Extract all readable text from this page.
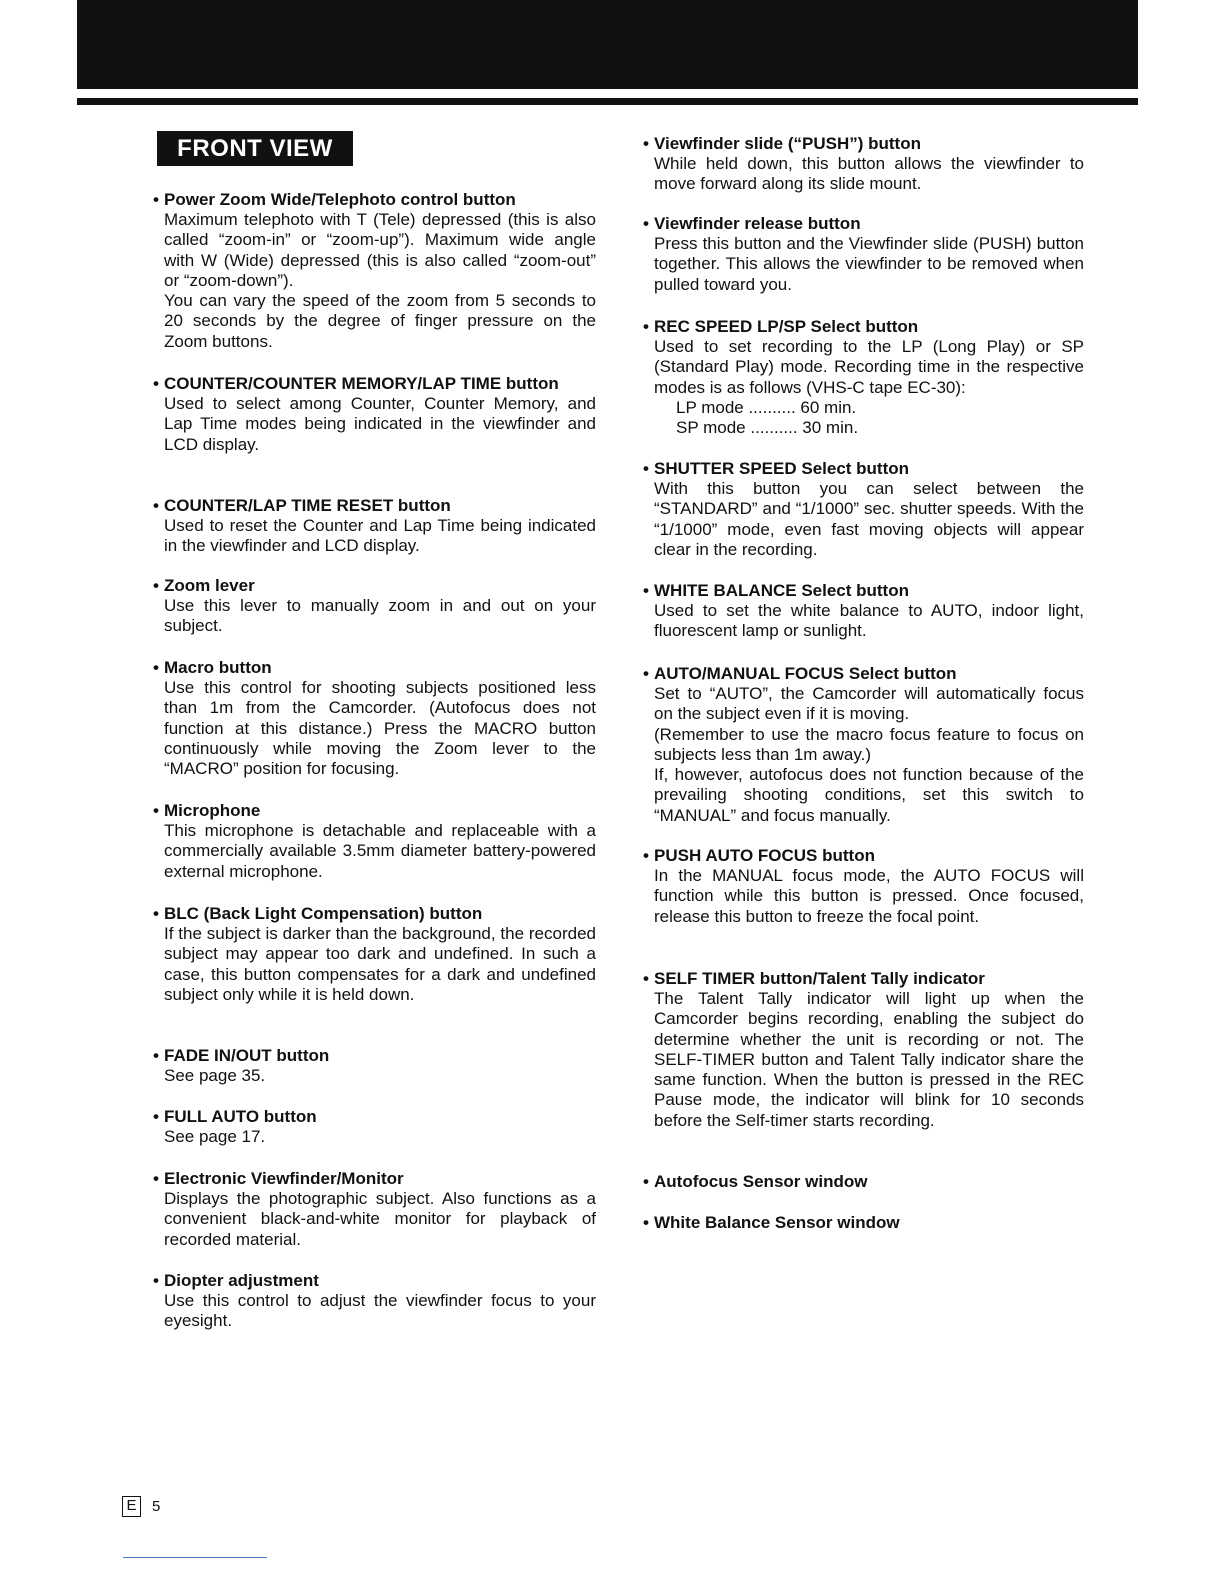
FRONT VIEW
• Power Zoom Wide/Telephoto control button

Maximum telephoto with T (Tele) depressed (this is also called “zoom-in” or “zoom-up”). Maximum wide angle with W (Wide) depressed (this is also called “zoom-out” or “zoom-down”).

You can vary the speed of the zoom from 5 seconds to 20 seconds by the degree of finger pressure on the Zoom buttons.

• COUNTER/COUNTER MEMORY/LAP TIME button

Used to select among Counter, Counter Memory, and Lap Time modes being indicated in the viewfinder and LCD display.

• COUNTER/LAP TIME RESET button

Used to reset the Counter and Lap Time being indicated in the viewfinder and LCD display.

• Zoom lever

Use this lever to manually zoom in and out on your subject.

• Macro button

Use this control for shooting subjects positioned less than 1m from the Camcorder. (Autofocus does not function at this distance.) Press the MACRO button continuously while moving the Zoom lever to the “MACRO” position for focusing.

• Microphone

This microphone is detachable and replaceable with a commercially available 3.5mm diameter battery-powered external microphone.

• BLC (Back Light Compensation) button

If the subject is darker than the background, the recorded subject may appear too dark and undefined. In such a case, this button compensates for a dark and undefined subject only while it is held down.

• FADE IN/OUT button

See page 35.

• FULL AUTO button

See page 17.

• Electronic Viewfinder/Monitor

Displays the photographic subject. Also functions as a convenient black-and-white monitor for playback of recorded material.

• Diopter adjustment

Use this control to adjust the viewfinder focus to your eyesight.

• Viewfinder slide (“PUSH”) button

While held down, this button allows the viewfinder to move forward along its slide mount.

• Viewfinder release button

Press this button and the Viewfinder slide (PUSH) button together. This allows the viewfinder to be removed when pulled toward you.

• REC SPEED LP/SP Select button

Used to set recording to the LP (Long Play) or SP (Standard Play) mode. Recording time in the respective modes is as follows (VHS-C tape EC-30):

LP mode .......... 60 min.

SP mode .......... 30 min.

• SHUTTER SPEED Select button

With this button you can select between the “STANDARD” and “1/1000” sec. shutter speeds. With the “1/1000” mode, even fast moving objects will appear clear in the recording.

• WHITE BALANCE Select button

Used to set the white balance to AUTO, indoor light, fluorescent lamp or sunlight.

• AUTO/MANUAL FOCUS Select button

Set to “AUTO”, the Camcorder will automatically focus on the subject even if it is moving.

(Remember to use the macro focus feature to focus on subjects less than 1m away.)

If, however, autofocus does not function because of the prevailing shooting conditions, set this switch to “MANUAL” and focus manually.

• PUSH AUTO FOCUS button

In the MANUAL focus mode, the AUTO FOCUS will function while this button is pressed. Once focused, release this button to freeze the focal point.

• SELF TIMER button/Talent Tally indicator

The Talent Tally indicator will light up when the Camcorder begins recording, enabling the subject do determine whether the unit is recording or not. The SELF-TIMER button and Talent Tally indicator share the same function. When the button is pressed in the REC Pause mode, the indicator will blink for 10 seconds before the Self-timer starts recording.

• Autofocus Sensor window
• White Balance Sensor window
E	5
